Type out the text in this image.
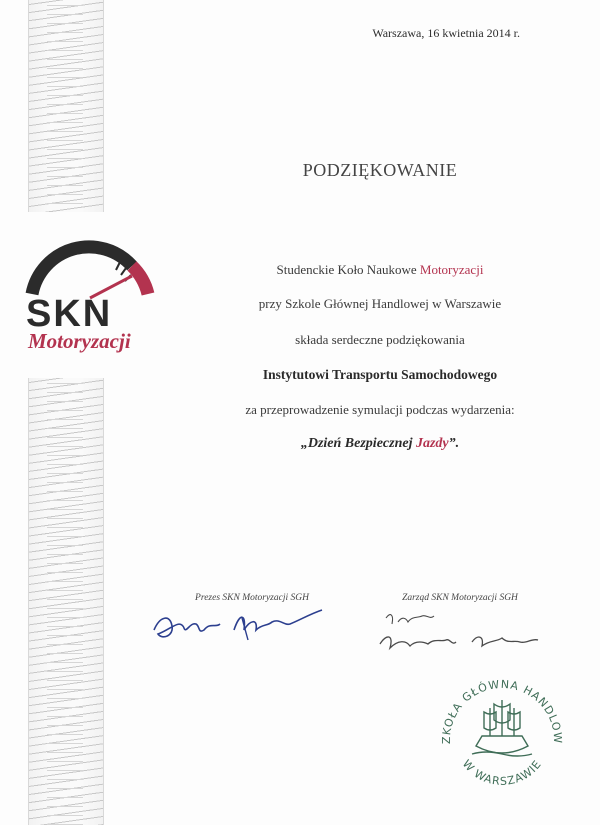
SKN
Motoryzacji
Warszawa, 16 kwietnia 2014 r.
PODZIĘKOWANIE
Studenckie Koło Naukowe Motoryzacji
przy Szkole Głównej Handlowej w Warszawie
składa serdeczne podziękowania
Instytutowi Transportu Samochodowego
za przeprowadzenie symulacji podczas wydarzenia:
„Dzień Bezpiecznej Jazdy”.
Prezes SKN Motoryzacji SGH	Zarząd SKN Motoryzacji SGH
ZKOŁA GŁÓWNA HANDLOW
W WARSZAWIE
